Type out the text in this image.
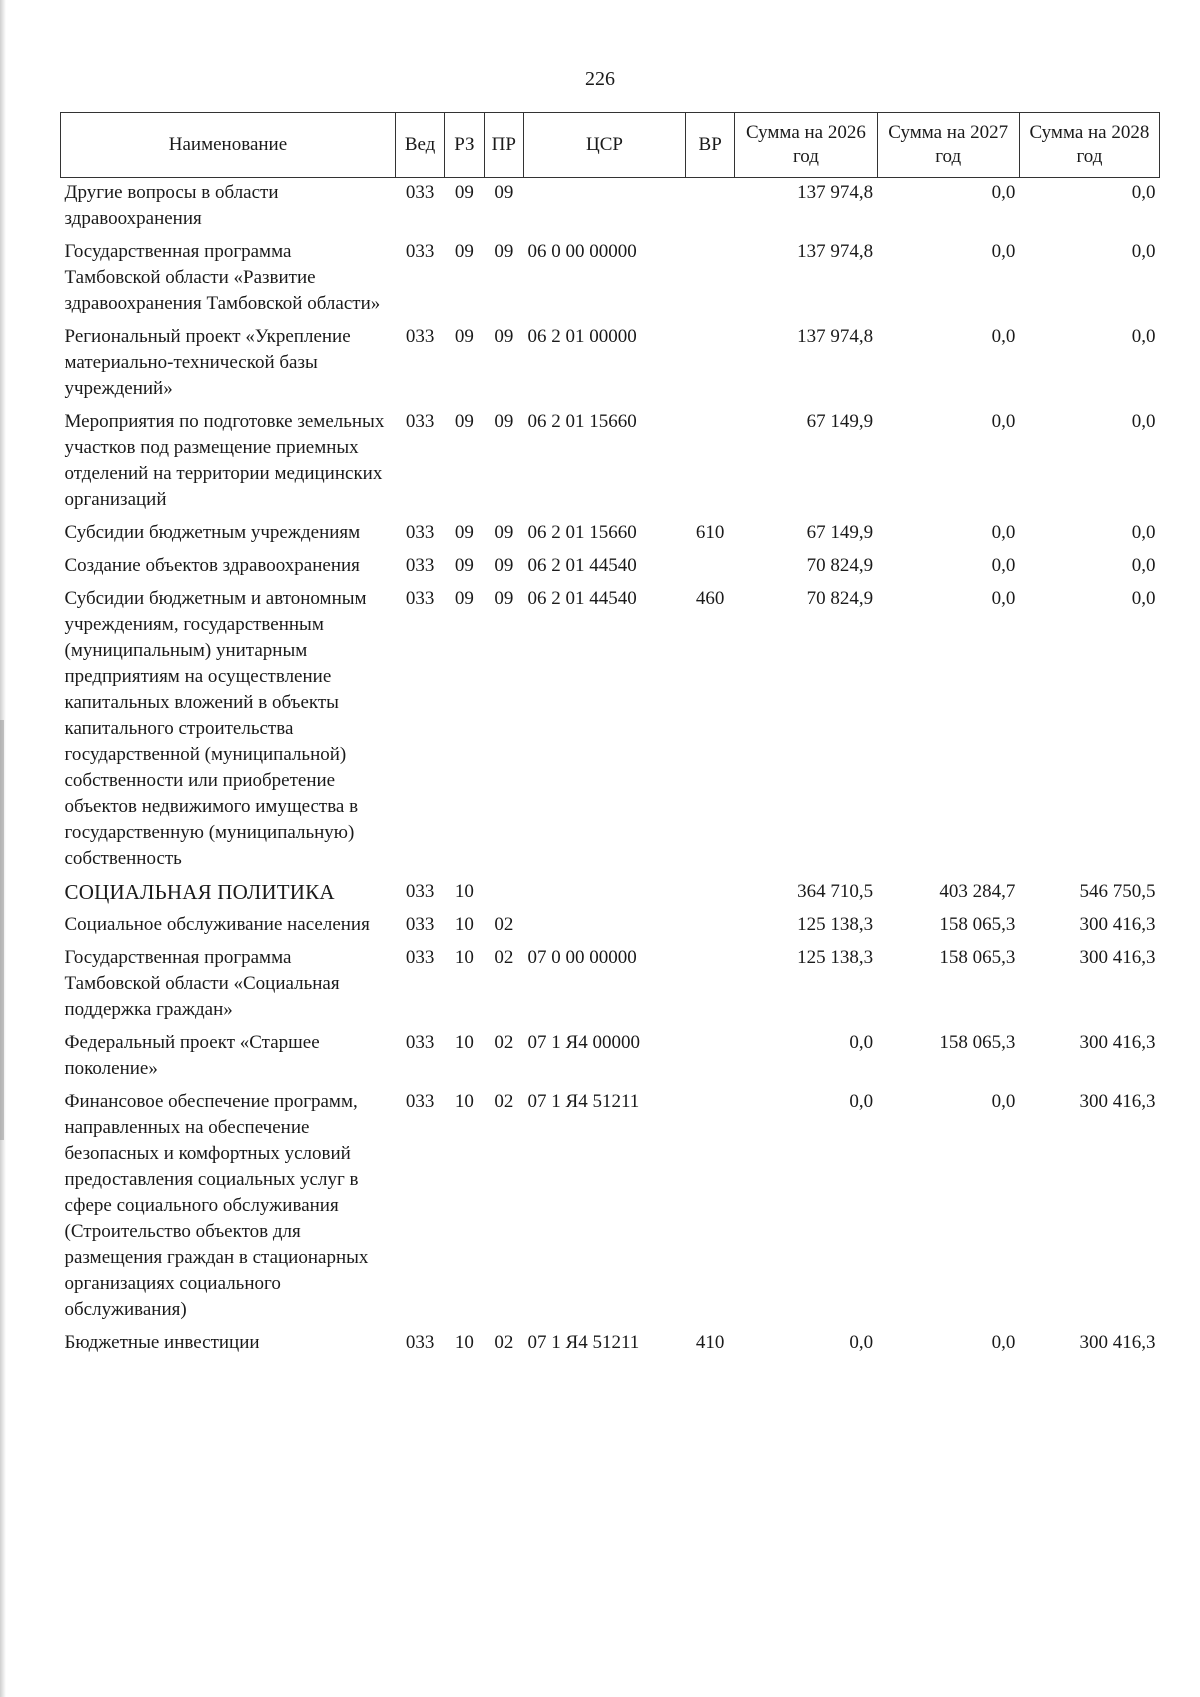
226
Наименование	Вед	РЗ	ПР	ЦСР	ВР	Сумма на 2026 год	Сумма на 2027 год	Сумма на 2028 год
Другие вопросы в области здравоохранения	033	09	09			137 974,8	0,0	0,0
Государственная программа Тамбовской области «Развитие здравоохранения Тамбовской области»	033	09	09	06 0 00 00000		137 974,8	0,0	0,0
Региональный проект «Укрепление материально-технической базы учреждений»	033	09	09	06 2 01 00000		137 974,8	0,0	0,0
Мероприятия по подготовке земельных участков под размещение приемных отделений на территории медицинских организаций	033	09	09	06 2 01 15660		67 149,9	0,0	0,0
Субсидии бюджетным учреждениям	033	09	09	06 2 01 15660	610	67 149,9	0,0	0,0
Создание объектов здравоохранения	033	09	09	06 2 01 44540		70 824,9	0,0	0,0
Субсидии бюджетным и автономным учреждениям, государственным (муниципальным) унитарным предприятиям на осуществление капитальных вложений в объекты капитального строительства государственной (муниципальной) собственности или приобретение объектов недвижимого имущества в государственную (муниципальную) собственность	033	09	09	06 2 01 44540	460	70 824,9	0,0	0,0
СОЦИАЛЬНАЯ ПОЛИТИКА	033	10				364 710,5	403 284,7	546 750,5
Социальное обслуживание населения	033	10	02			125 138,3	158 065,3	300 416,3
Государственная программа Тамбовской области «Социальная поддержка граждан»	033	10	02	07 0 00 00000		125 138,3	158 065,3	300 416,3
Федеральный проект «Старшее поколение»	033	10	02	07 1 Я4 00000		0,0	158 065,3	300 416,3
Финансовое обеспечение программ, направленных на обеспечение безопасных и комфортных условий предоставления социальных услуг в сфере социального обслуживания (Строительство объектов для размещения граждан в стационарных организациях социального обслуживания)	033	10	02	07 1 Я4 51211		0,0	0,0	300 416,3
Бюджетные инвестиции	033	10	02	07 1 Я4 51211	410	0,0	0,0	300 416,3
